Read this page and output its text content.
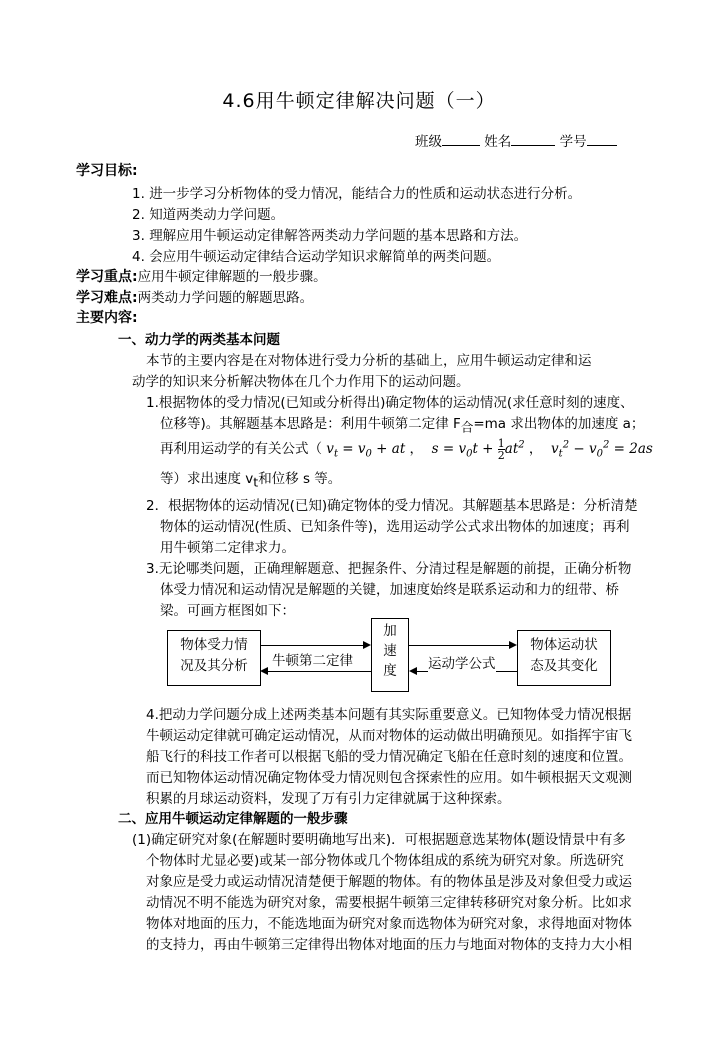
4.6用牛顿定律解决问题（一）
班级	姓名	学号
学习目标:
1. 进一步学习分析物体的受力情况，能结合力的性质和运动状态进行分析。
2. 知道两类动力学问题。
3. 理解应用牛顿运动定律解答两类动力学问题的基本思路和方法。
4. 会应用牛顿运动定律结合运动学知识求解简单的两类问题。
学习重点:应用牛顿定律解题的一般步骤。
学习难点:两类动力学问题的解题思路。
主要内容:
一、动力学的两类基本问题
本节的主要内容是在对物体进行受力分析的基础上，应用牛顿运动定律和运
动学的知识来分析解决物体在几个力作用下的运动问题。
1.根据物体的受力情况(已知或分析得出)确定物体的运动情况(求任意时刻的速度、
位移等)。其解题基本思路是：利用牛顿第二定律 $F_合=ma$ 求出物体的加速度 a；
再利用运动学的有关公式（ $v_t = v_0$ + at ，  $s = v_0t + \frac{1}{2} at^2$ ，  $v_t^2 - v_0^2 = 2as$
等）求出速度 $v_t$和位移 s 等。
2．根据物体的运动情况(已知)确定物体的受力情况。其解题基本思路是：分析清楚
物体的运动情况(性质、已知条件等)，选用运动学公式求出物体的加速度；再利
用牛顿第二定律求力。
3.无论哪类问题，正确理解题意、把握条件、分清过程是解题的前提，正确分析物
体受力情况和运动情况是解题的关键，加速度始终是联系运动和力的纽带、桥
梁。可画方框图如下：
物体受力情
况及其分析
加
速
度
物体运动状
态及其变化
牛顿第二定律	运动学公式
4.把动力学问题分成上述两类基本问题有其实际重要意义。已知物体受力情况根据
牛顿运动定律就可确定运动情况，从而对物体的运动做出明确预见。如指挥宇宙飞
船飞行的科技工作者可以根据飞船的受力情况确定飞船在任意时刻的速度和位置。
而已知物体运动情况确定物体受力情况则包含探索性的应用。如牛顿根据天文观测
积累的月球运动资料，发现了万有引力定律就属于这种探索。
二、应用牛顿运动定律解题的一般步骤
(1)确定研究对象(在解题时要明确地写出来)．可根据题意选某物体(题设情景中有多
个物体时尤显必要)或某一部分物体或几个物体组成的系统为研究对象。所选研究
对象应是受力或运动情况清楚便于解题的物体。有的物体虽是涉及对象但受力或运
动情况不明不能选为研究对象，需要根据牛顿第三定律转移研究对象分析。比如求
物体对地面的压力，不能选地面为研究对象而选物体为研究对象，求得地面对物体
的支持力，再由牛顿第三定律得出物体对地面的压力与地面对物体的支持力大小相
